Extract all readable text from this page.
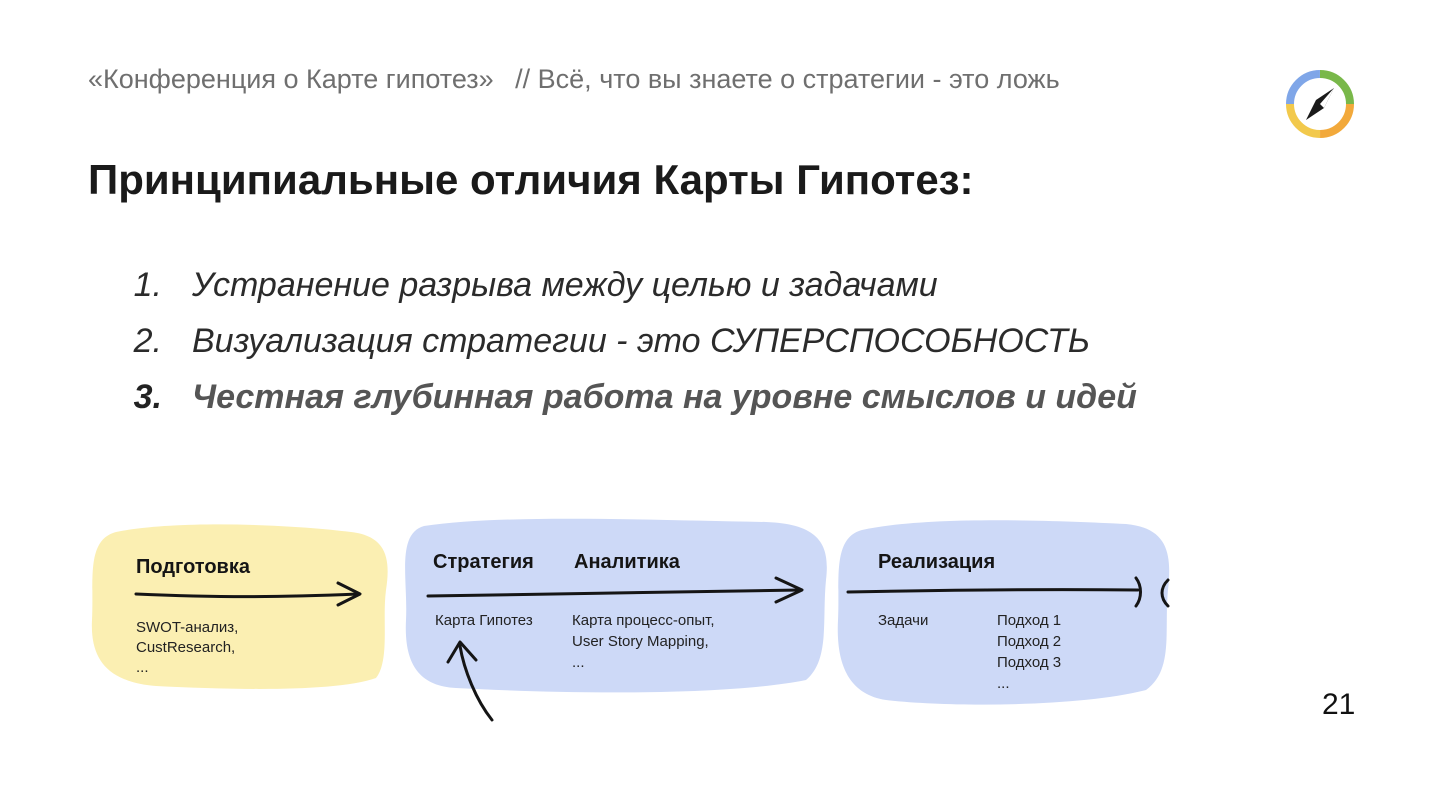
«Конференция о Карте гипотез» // Всё, что вы знаете о стратегии - это ложь
Принципиальные отличия Карты Гипотез:
1. Устранение разрыва между целью и задачами
2. Визуализация стратегии - это СУПЕРСПОСОБНОСТЬ
3. Честная глубинная работа на уровне смыслов и идей
Подготовка
SWOT-анализ,
CustResearch,
...
Стратегия
Карта Гипотез
Аналитика
Карта процесс-опыт,
User Story Mapping,
...
Реализация
Задачи	Подход 1
Подход 2
Подход 3
...
21
